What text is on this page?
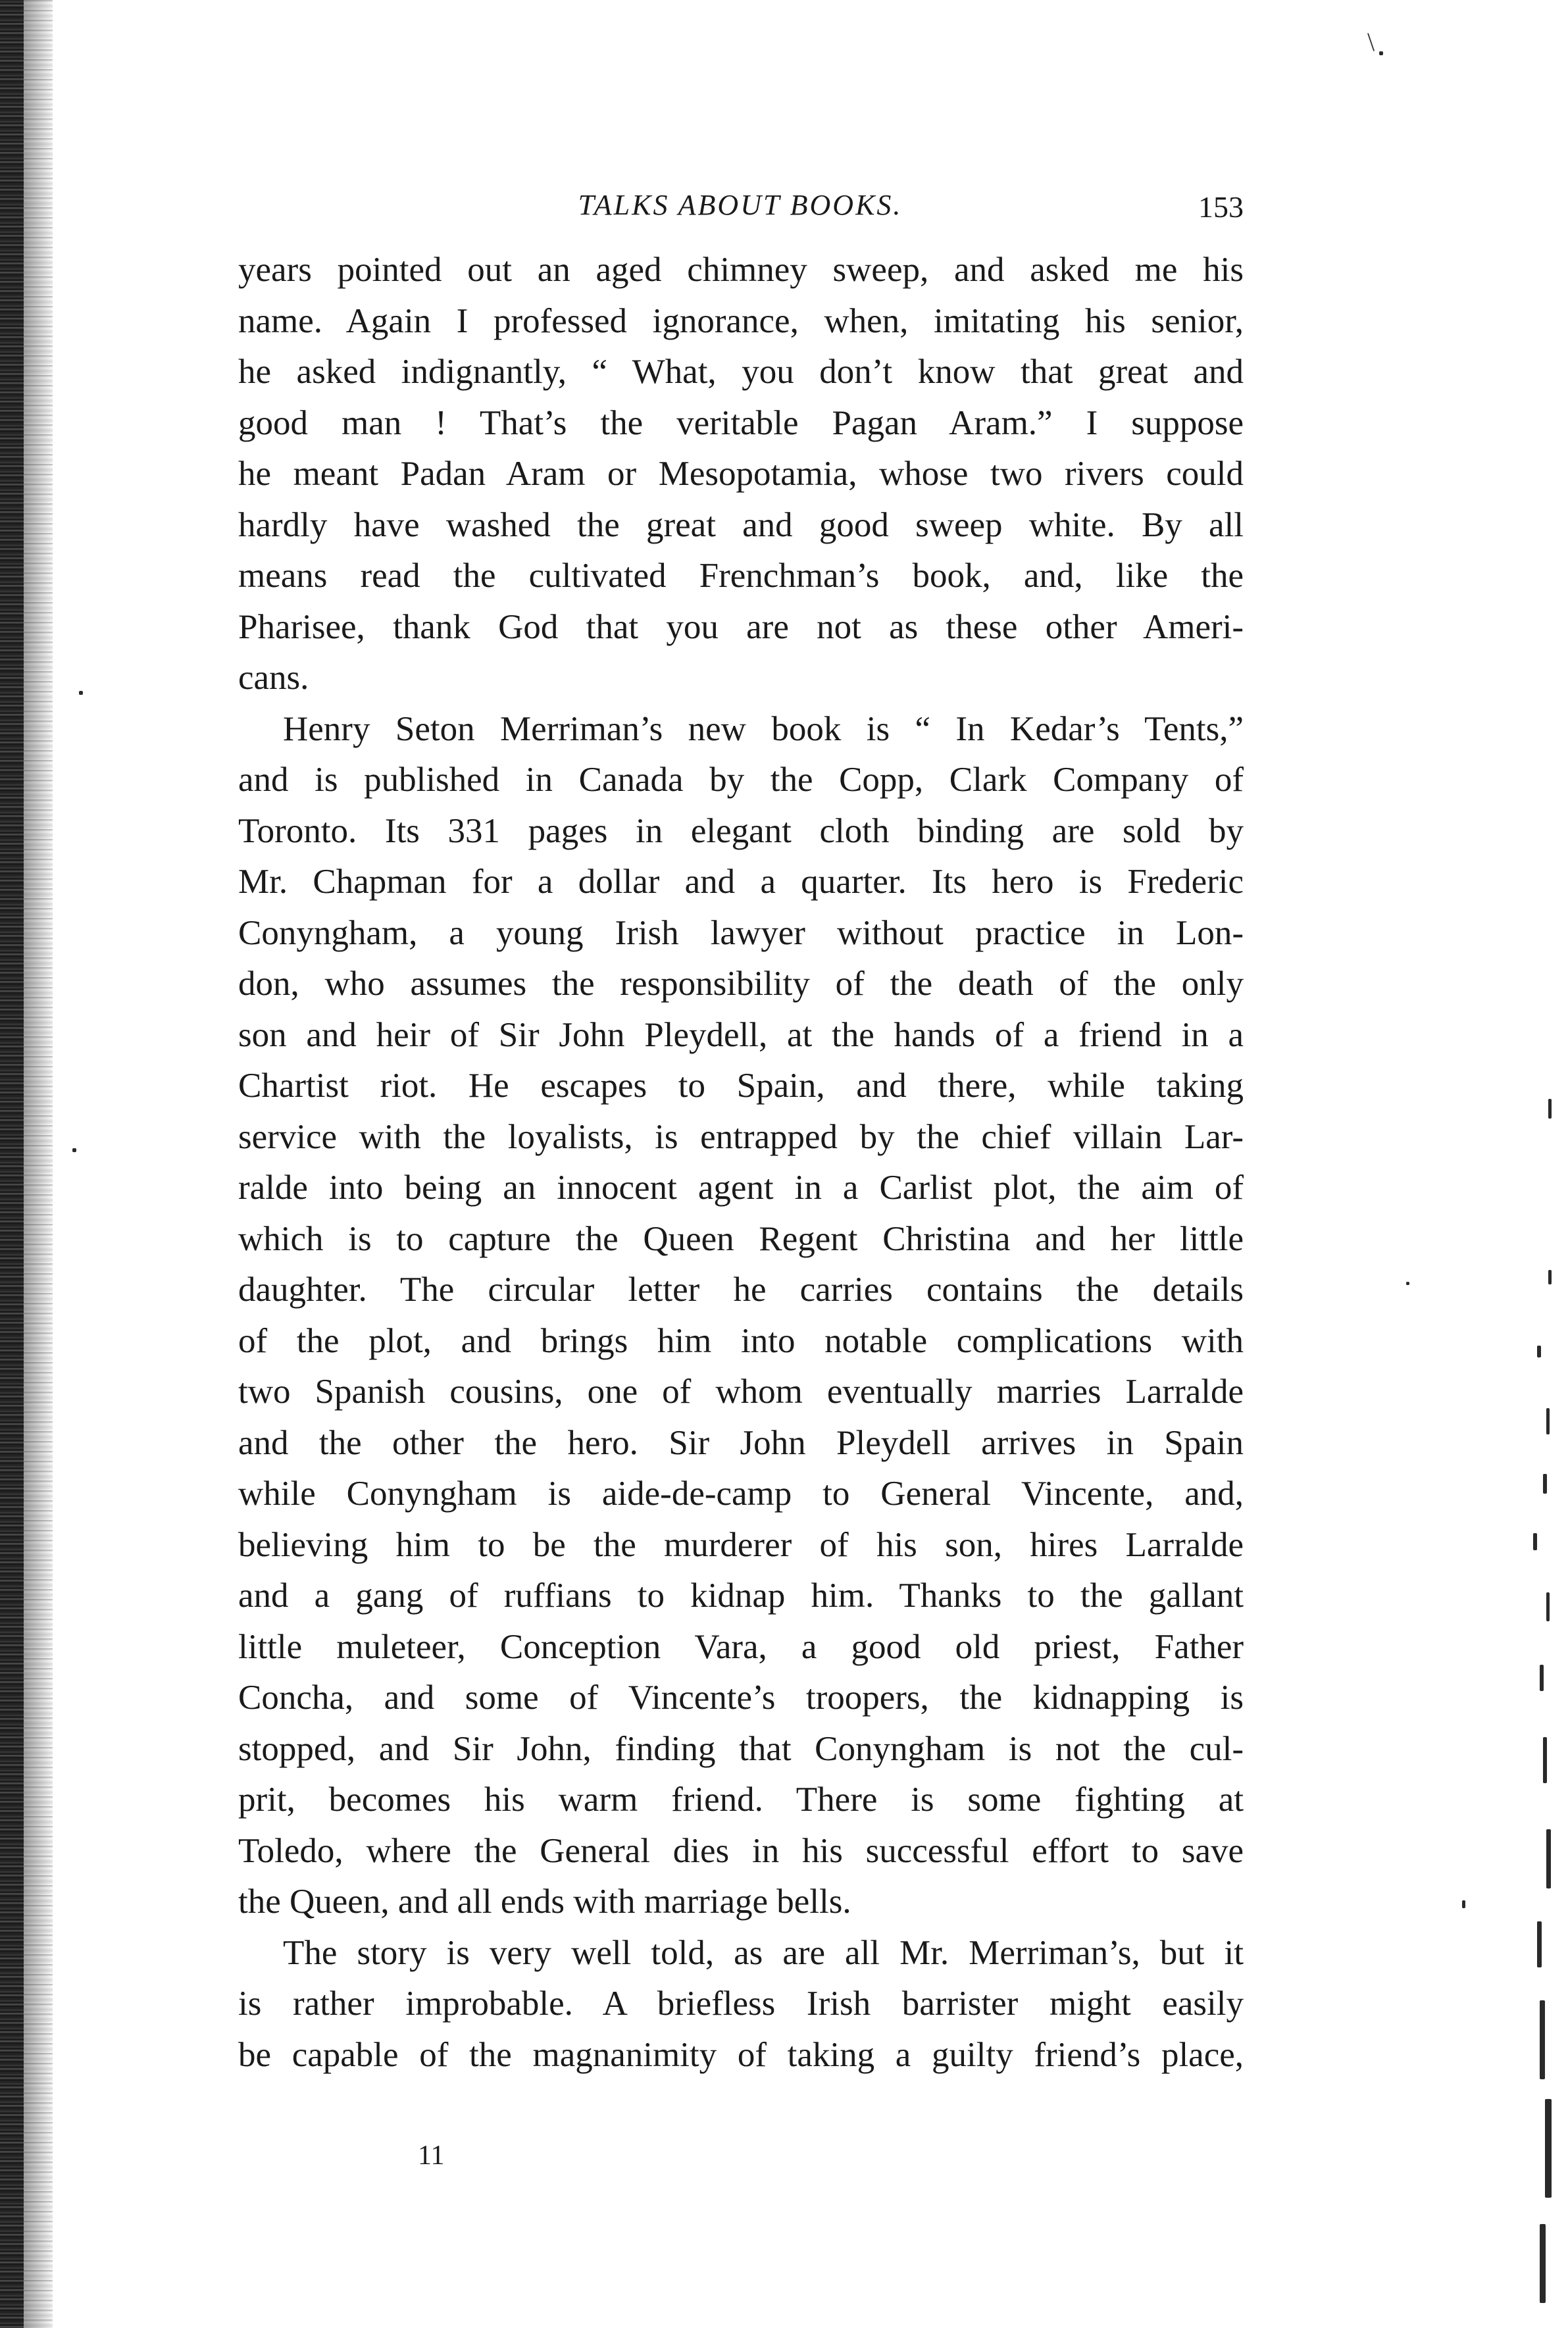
\
TALKS ABOUT BOOKS.	153
years pointed out an aged chimney sweep, and asked me his
name. Again I professed ignorance, when, imitating his senior,
he asked indignantly, “ What, you don’t know that great and
good man ! That’s the veritable Pagan Aram.” I suppose
he meant Padan Aram or Mesopotamia, whose two rivers could
hardly have washed the great and good sweep white. By all
means read the cultivated Frenchman’s book, and, like the
Pharisee, thank God that you are not as these other Ameri-
cans.
Henry Seton Merriman’s new book is “ In Kedar’s Tents,”
and is published in Canada by the Copp, Clark Company of
Toronto. Its 331 pages in elegant cloth binding are sold by
Mr. Chapman for a dollar and a quarter. Its hero is Frederic
Conyngham, a young Irish lawyer without practice in Lon-
don, who assumes the responsibility of the death of the only
son and heir of Sir John Pleydell, at the hands of a friend in a
Chartist riot. He escapes to Spain, and there, while taking
service with the loyalists, is entrapped by the chief villain Lar-
ralde into being an innocent agent in a Carlist plot, the aim of
which is to capture the Queen Regent Christina and her little
daughter. The circular letter he carries contains the details
of the plot, and brings him into notable complications with
two Spanish cousins, one of whom eventually marries Larralde
and the other the hero. Sir John Pleydell arrives in Spain
while Conyngham is aide-de-camp to General Vincente, and,
believing him to be the murderer of his son, hires Larralde
and a gang of ruffians to kidnap him. Thanks to the gallant
little muleteer, Conception Vara, a good old priest, Father
Concha, and some of Vincente’s troopers, the kidnapping is
stopped, and Sir John, finding that Conyngham is not the cul-
prit, becomes his warm friend. There is some fighting at
Toledo, where the General dies in his successful effort to save
the Queen, and all ends with marriage bells.
The story is very well told, as are all Mr. Merriman’s, but it
is rather improbable. A briefless Irish barrister might easily
be capable of the magnanimity of taking a guilty friend’s place,
11
